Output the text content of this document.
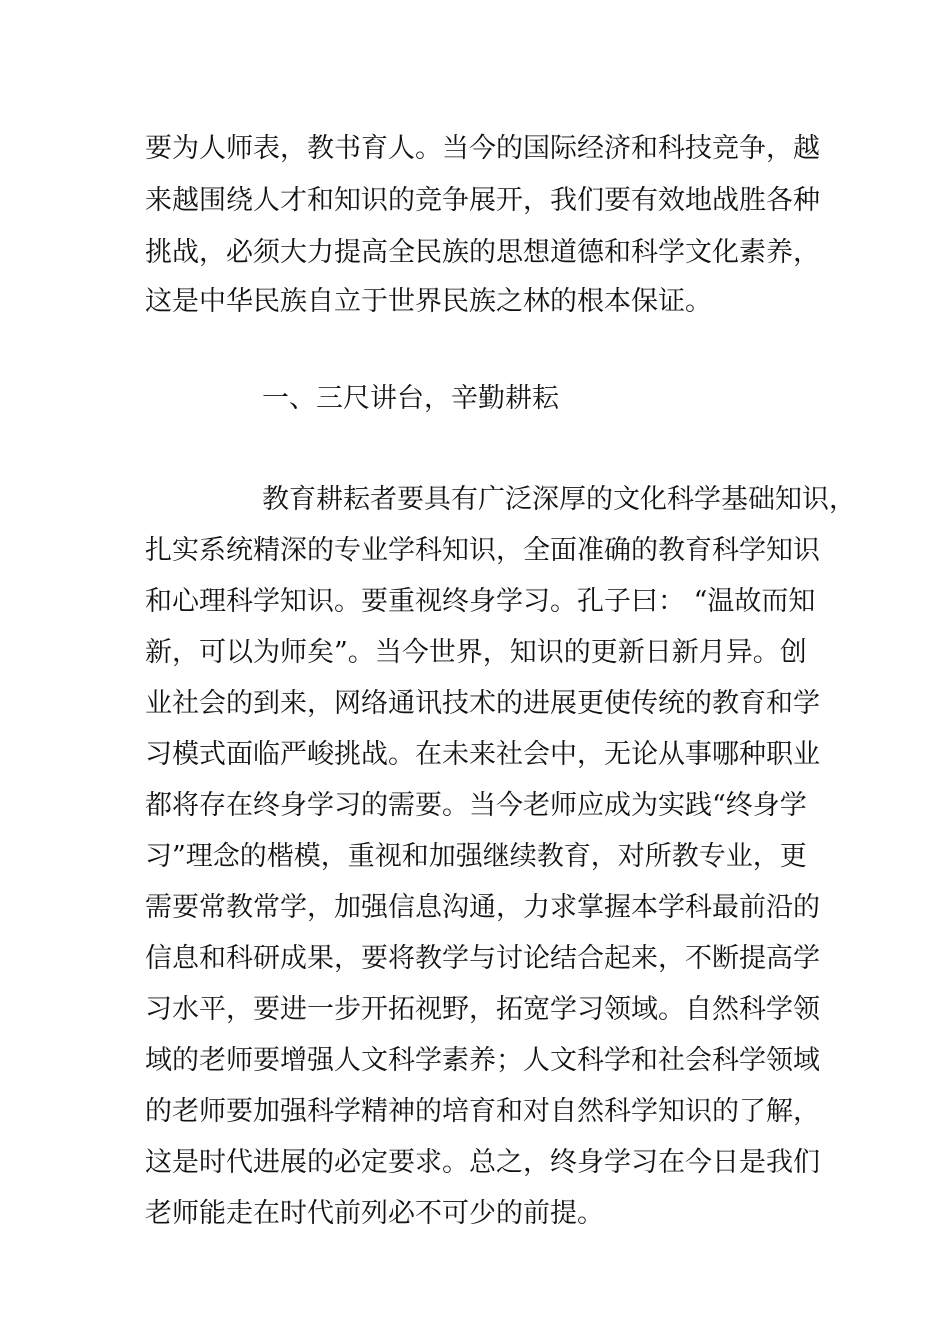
要为人师表，教书育人。当今的国际经济和科技竞争，越
来越围绕人才和知识的竞争展开，我们要有效地战胜各种
挑战，必须大力提高全民族的思想道德和科学文化素养，
这是中华民族自立于世界民族之林的根本保证。
一、三尺讲台，辛勤耕耘
教育耕耘者要具有广泛深厚的文化科学基础知识，
扎实系统精深的专业学科知识，全面准确的教育科学知识
和心理科学知识。要重视终身学习。孔子曰： “温故而知
新，可以为师矣”。当今世界，知识的更新日新月异。创
业社会的到来，网络通讯技术的进展更使传统的教育和学
习模式面临严峻挑战。在未来社会中，无论从事哪种职业
都将存在终身学习的需要。当今老师应成为实践“终身学
习”理念的楷模，重视和加强继续教育，对所教专业，更
需要常教常学，加强信息沟通，力求掌握本学科最前沿的
信息和科研成果，要将教学与讨论结合起来，不断提高学
习水平，要进一步开拓视野，拓宽学习领域。自然科学领
域的老师要增强人文科学素养；人文科学和社会科学领域
的老师要加强科学精神的培育和对自然科学知识的了解，
这是时代进展的必定要求。总之，终身学习在今日是我们
老师能走在时代前列必不可少的前提。
